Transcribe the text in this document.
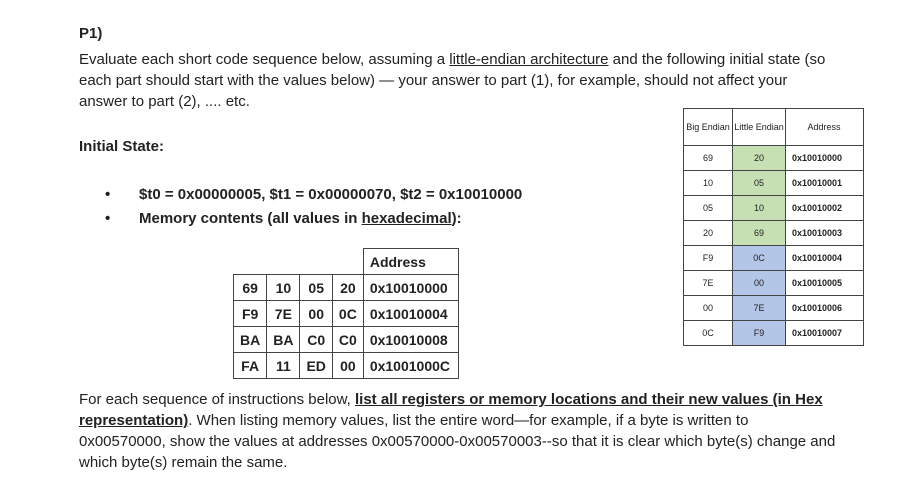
P1)
Evaluate each short code sequence below, assuming a little-endian architecture and the following initial state (so each part should start with the values below) — your answer to part (1), for example, should not affect your answer to part (2), .... etc.
Initial State:
• $t0 = 0x00000005, $t1 = 0x00000070, $t2 = 0x10010000
• Memory contents (all values in hexadecimal):
				Address
69	10	05	20	0x10010000
F9	7E	00	0C	0x10010004
BA	BA	C0	C0	0x10010008
FA	11	ED	00	0x1001000C
Big Endian	Little Endian	Address
69	20	0x10010000
10	05	0x10010001
05	10	0x10010002
20	69	0x10010003
F9	0C	0x10010004
7E	00	0x10010005
00	7E	0x10010006
0C	F9	0x10010007
For each sequence of instructions below, list all registers or memory locations and their new values (in Hex representation). When listing memory values, list the entire word—for example, if a byte is written to 0x00570000, show the values at addresses 0x00570000-0x00570003--so that it is clear which byte(s) change and which byte(s) remain the same.
